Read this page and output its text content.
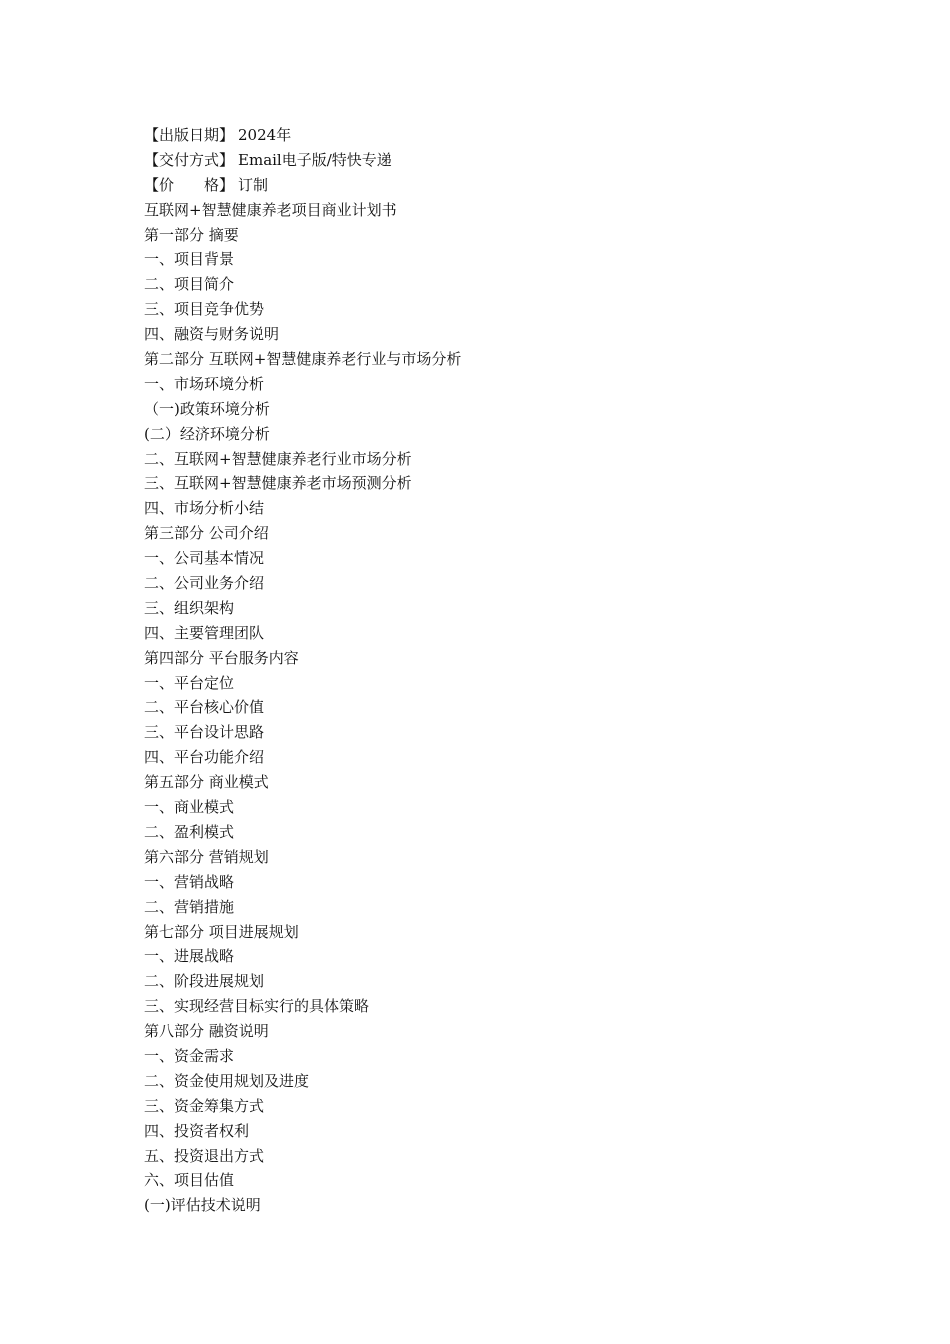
【出版日期】 2024年
【交付方式】 Email电子版/特快专递
【价　　格】 订制
互联网+智慧健康养老项目商业计划书
第一部分 摘要
一、项目背景
二、项目简介
三、项目竞争优势
四、融资与财务说明
第二部分 互联网+智慧健康养老行业与市场分析
一、市场环境分析
（一)政策环境分析
(二）经济环境分析
二、互联网+智慧健康养老行业市场分析
三、互联网+智慧健康养老市场预测分析
四、市场分析小结
第三部分 公司介绍
一、公司基本情况
二、公司业务介绍
三、组织架构
四、主要管理团队
第四部分 平台服务内容
一、平台定位
二、平台核心价值
三、平台设计思路
四、平台功能介绍
第五部分 商业模式
一、商业模式
二、盈利模式
第六部分 营销规划
一、营销战略
二、营销措施
第七部分 项目进展规划
一、进展战略
二、阶段进展规划
三、实现经营目标实行的具体策略
第八部分 融资说明
一、资金需求
二、资金使用规划及进度
三、资金筹集方式
四、投资者权利
五、投资退出方式
六、项目估值
(一)评估技术说明
